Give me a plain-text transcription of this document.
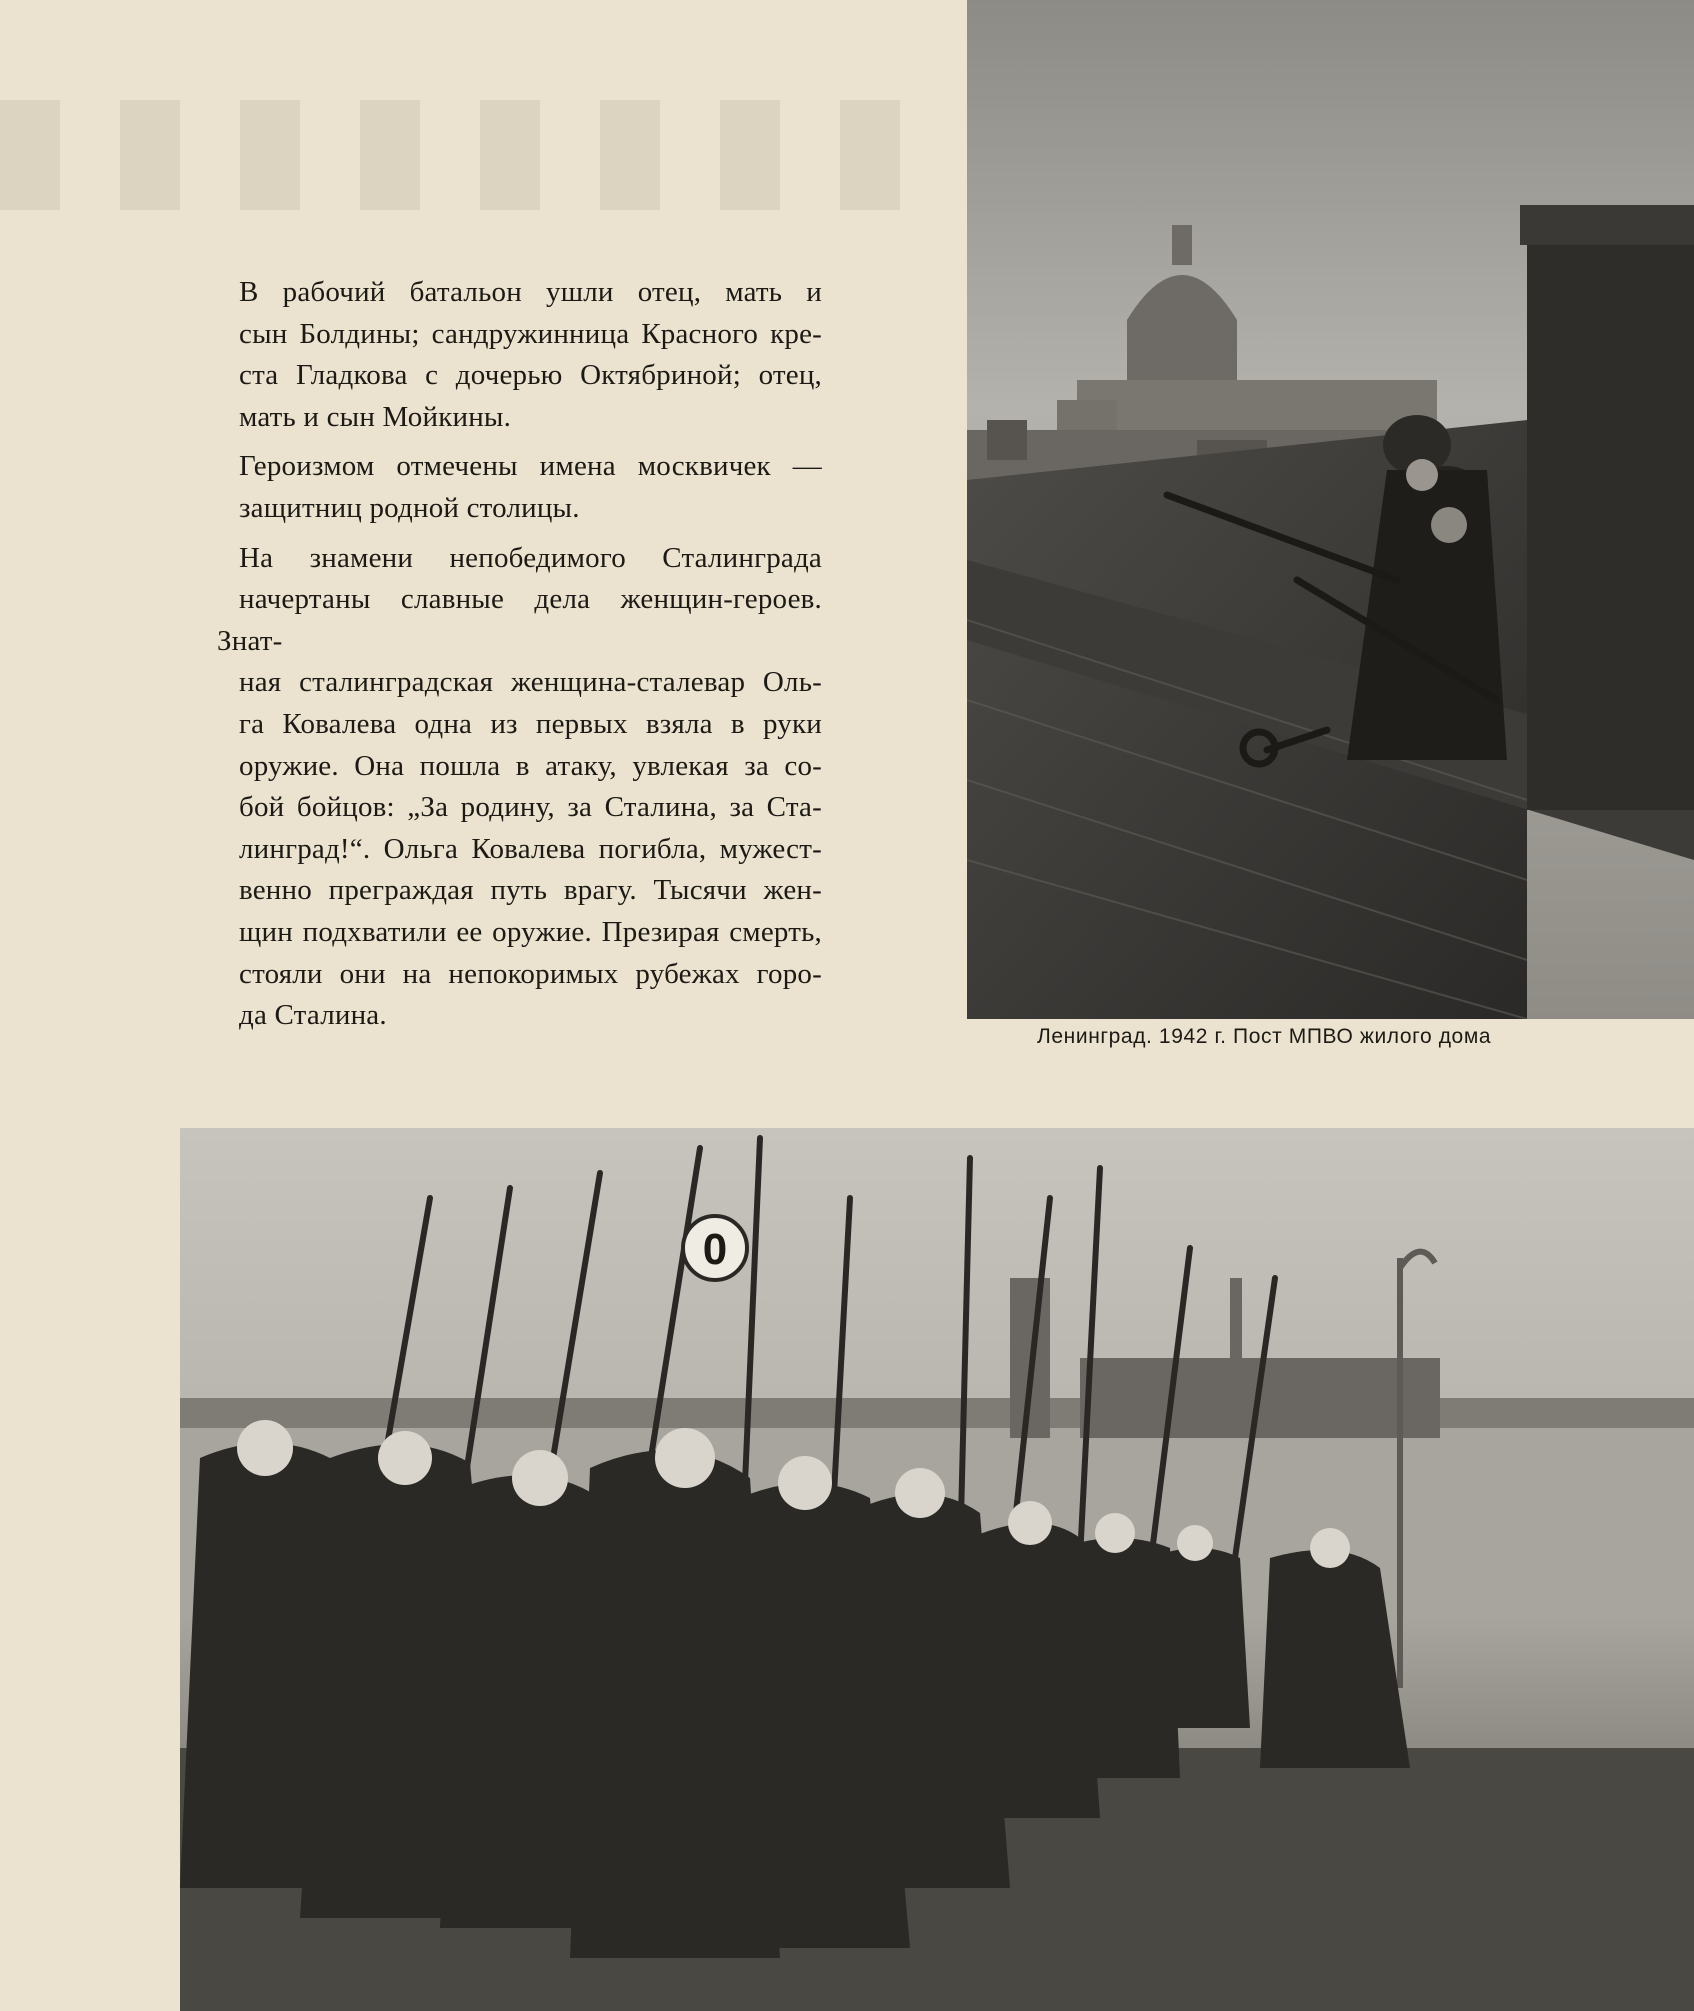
В рабочий батальон ушли отец, мать и
сын Болдины; сандружинница Красного кре-
ста Гладкова с дочерью Октябриной; отец,
мать и сын Мойкины.

Героизмом отмечены имена москвичек —
защитниц родной столицы.

На знамени непобедимого Сталинграда
начертаны славные дела женщин-героев. Знат-
ная сталинградская женщина-сталевар Оль-
га Ковалева одна из первых взяла в руки
оружие. Она пошла в атаку, увлекая за со-
бой бойцов: „За родину, за Сталина, за Ста-
линград!“. Ольга Ковалева погибла, мужест-
венно преграждая путь врагу. Тысячи жен-
щин подхватили ее оружие. Презирая смерть,
стояли они на непокоримых рубежах горо-
да Сталина.

Ленинград. 1942 г. Пост МПВО жилого дома
0
